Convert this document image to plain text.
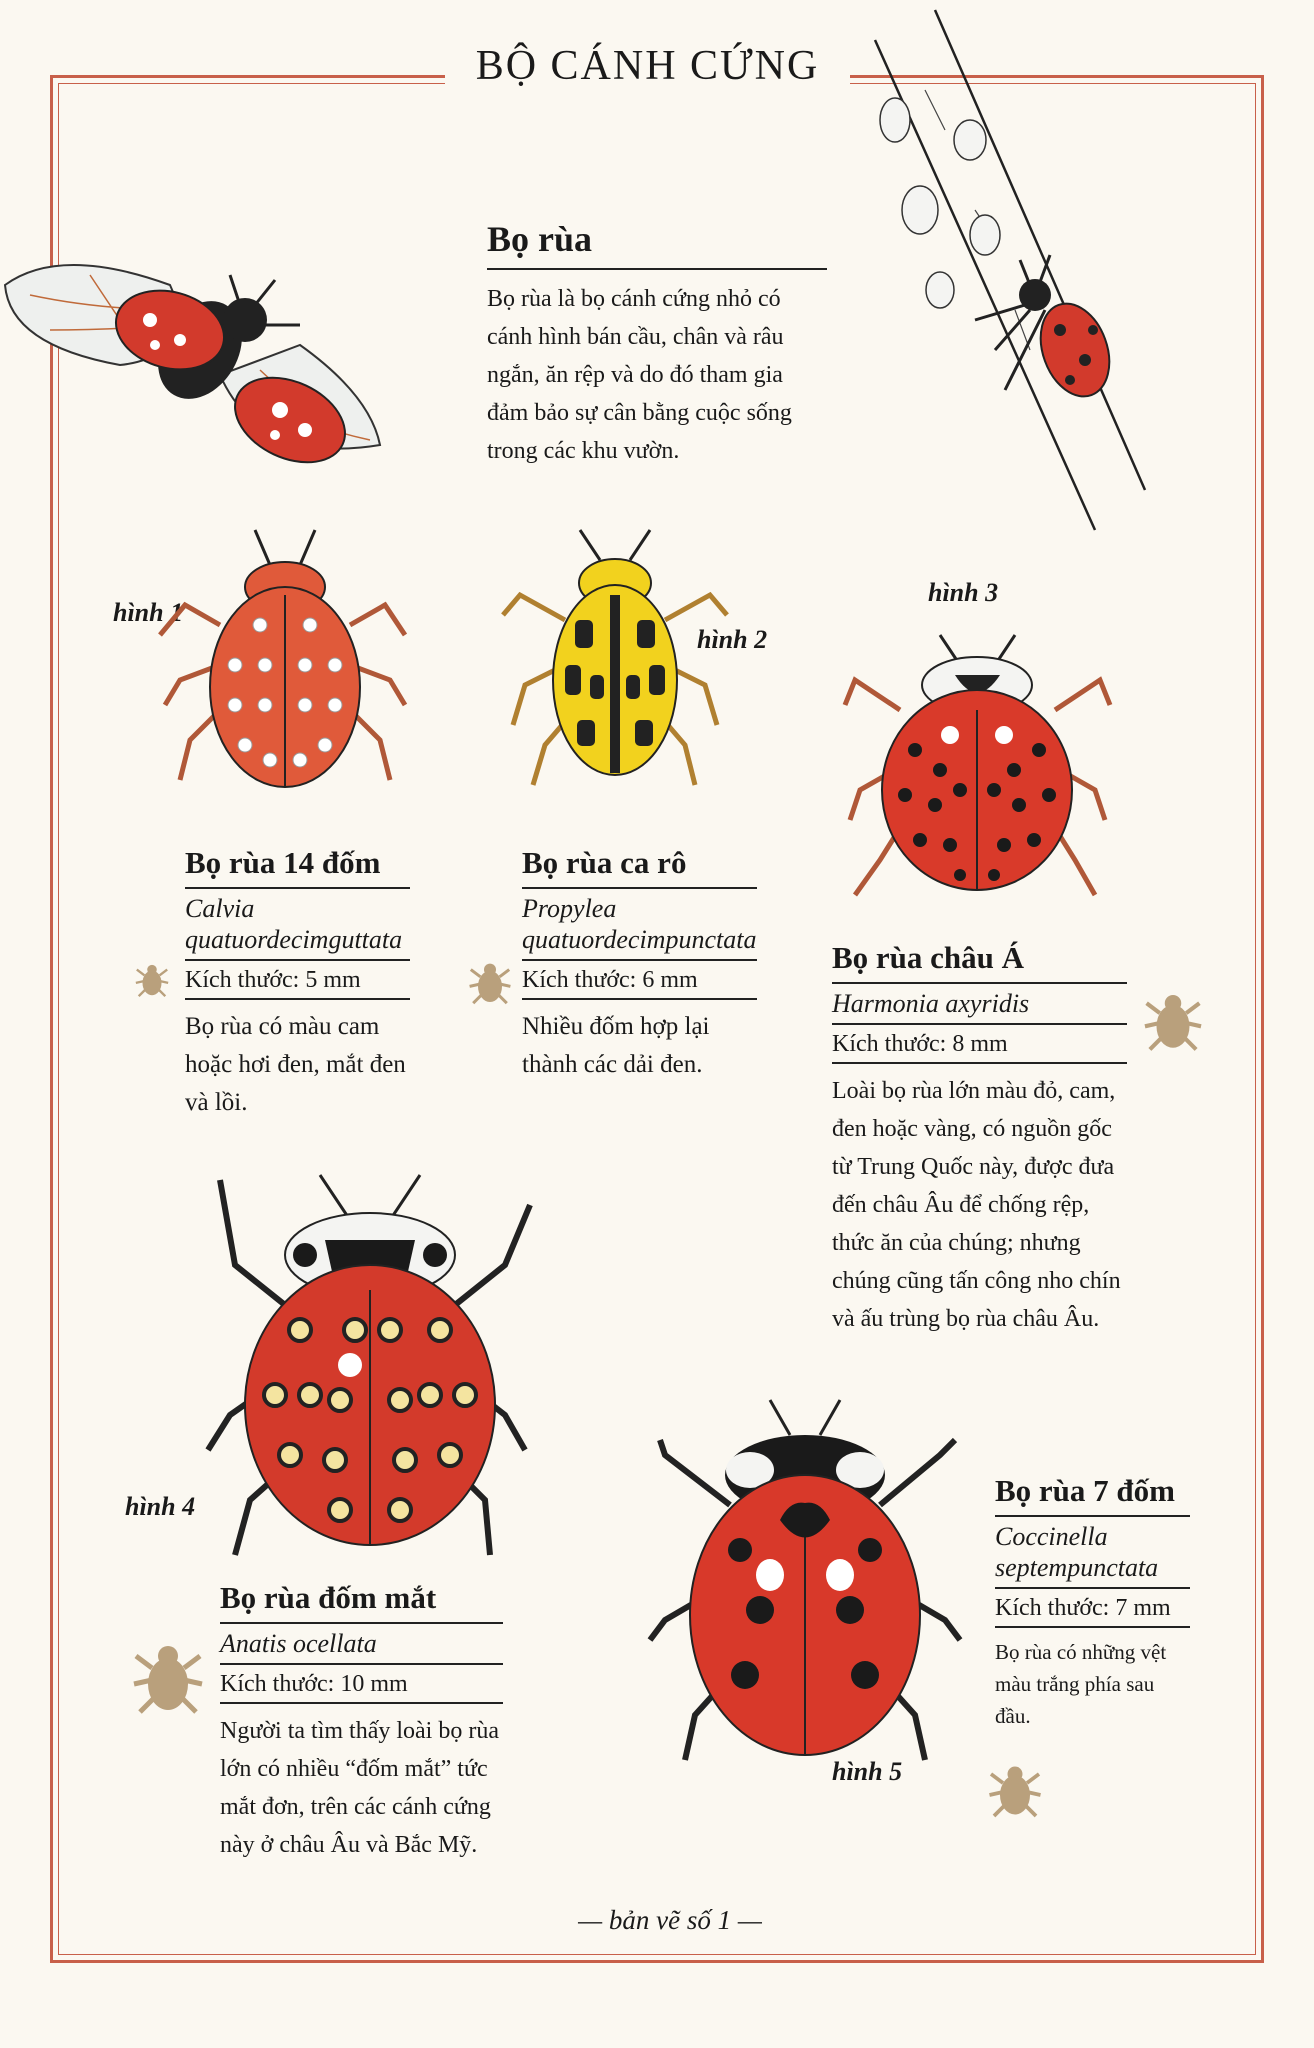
BỘ CÁNH CỨNG
Bọ rùa
Bọ rùa là bọ cánh cứng nhỏ có cánh hình bán cầu, chân và râu ngắn, ăn rệp và do đó tham gia đảm bảo sự cân bằng cuộc sống trong các khu vườn.
hình 1
hình 2
hình 3
hình 4
hình 5
Bọ rùa 14 đốm
Calvia quatuordecimguttata
Kích thước: 5 mm
Bọ rùa có màu cam hoặc hơi đen, mắt đen và lồi.
Bọ rùa ca rô
Propylea quatuordecimpunctata
Kích thước: 6 mm
Nhiều đốm hợp lại thành các dải đen.
Bọ rùa châu Á
Harmonia axyridis
Kích thước: 8 mm
Loài bọ rùa lớn màu đỏ, cam, đen hoặc vàng, có nguồn gốc từ Trung Quốc này, được đưa đến châu Âu để chống rệp, thức ăn của chúng; nhưng chúng cũng tấn công nho chín và ấu trùng bọ rùa châu Âu.
Bọ rùa đốm mắt
Anatis ocellata
Kích thước: 10 mm
Người ta tìm thấy loài bọ rùa lớn có nhiều “đốm mắt” tức mắt đơn, trên các cánh cứng này ở châu Âu và Bắc Mỹ.
Bọ rùa 7 đốm
Coccinella septempunctata
Kích thước: 7 mm
Bọ rùa có những vệt màu trắng phía sau đầu.
— bản vẽ số 1 —
